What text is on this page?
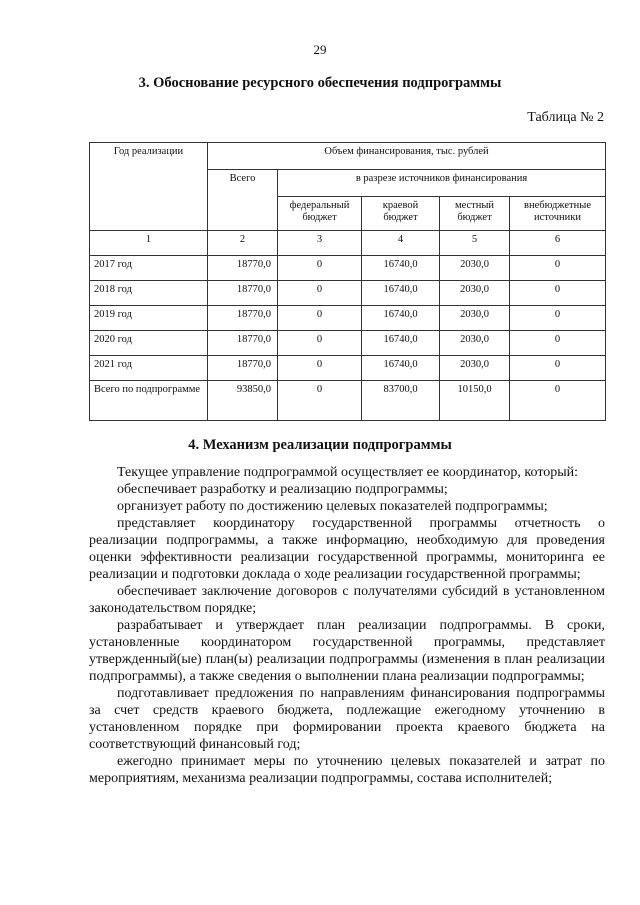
29
3. Обоснование ресурсного обеспечения подпрограммы
Таблица № 2
Год реализации	Объем финансирования, тыс. рублей				
	Всего	в разрезе источников финансирования			
		федеральный бюджет	краевой бюджет	местный бюджет	внебюджетные источники
1	2	3	4	5	6
2017 год	18770,0	0	16740,0	2030,0	0
2018 год	18770,0	0	16740,0	2030,0	0
2019 год	18770,0	0	16740,0	2030,0	0
2020 год	18770,0	0	16740,0	2030,0	0
2021 год	18770,0	0	16740,0	2030,0	0
Всего по подпрограмме	93850,0	0	83700,0	10150,0	0
4. Механизм реализации подпрограммы

Текущее управление подпрограммой осуществляет ее координатор, который:

обеспечивает разработку и реализацию подпрограммы;

организует работу по достижению целевых показателей подпрограммы;

представляет координатору государственной программы отчетность о реализации подпрограммы, а также информацию, необходимую для проведения оценки эффективности реализации государственной программы, мониторинга ее реализации и подготовки доклада о ходе реализации государственной программы;

обеспечивает заключение договоров с получателями субсидий в установленном законодательством порядке;

разрабатывает и утверждает план реализации подпрограммы. В сроки, установленные координатором государственной программы, представляет утвержденный(ые) план(ы) реализации подпрограммы (изменения в план реализации подпрограммы), а также сведения о выполнении плана реализации подпрограммы;

подготавливает предложения по направлениям финансирования подпрограммы за счет средств краевого бюджета, подлежащие ежегодному уточнению в установленном порядке при формировании проекта краевого бюджета на соответствующий финансовый год;

ежегодно принимает меры по уточнению целевых показателей и затрат по мероприятиям, механизма реализации подпрограммы, состава исполнителей;
